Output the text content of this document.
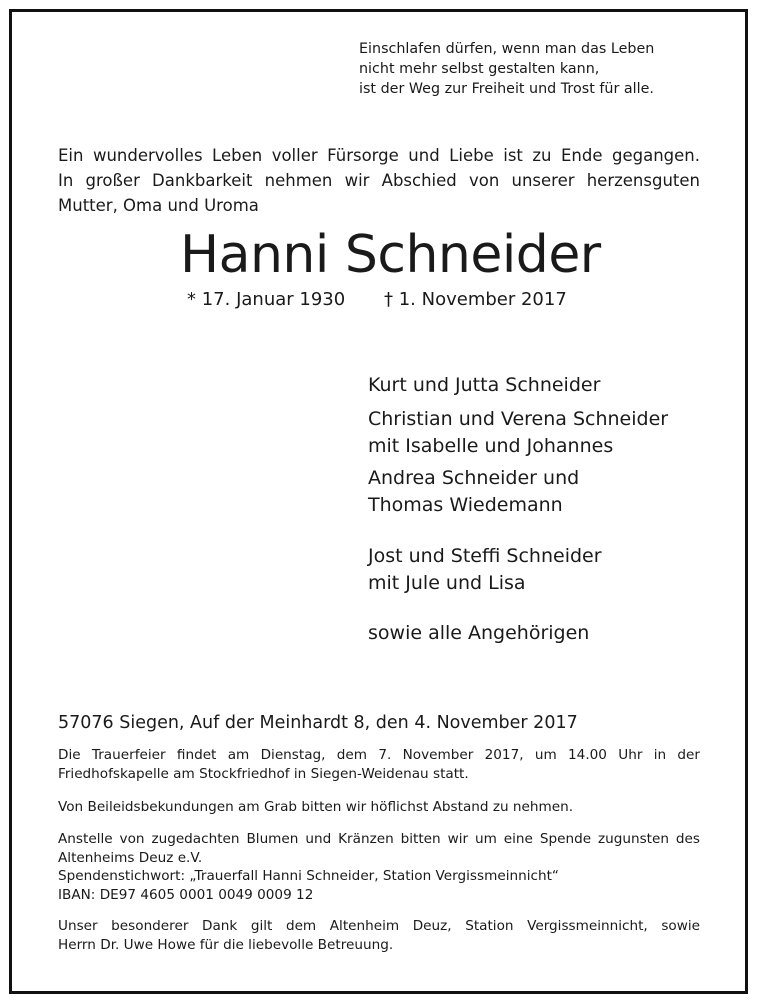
Einschlafen dürfen, wenn man das Leben
nicht mehr selbst gestalten kann,
ist der Weg zur Freiheit und Trost für alle.
Ein wundervolles Leben voller Fürsorge und Liebe ist zu Ende gegangen.
In großer Dankbarkeit nehmen wir Abschied von unserer herzensguten
Mutter, Oma und Uroma
Hanni Schneider
* 17. Januar 1930 † 1. November 2017
Kurt und Jutta Schneider
Christian und Verena Schneider
mit Isabelle und Johannes
Andrea Schneider und
Thomas Wiedemann
Jost und Steffi Schneider
mit Jule und Lisa
sowie alle Angehörigen
57076 Siegen, Auf der Meinhardt 8, den 4. November 2017
Die Trauerfeier findet am Dienstag, dem 7. November 2017, um 14.00 Uhr in der
Friedhofskapelle am Stockfriedhof in Siegen-Weidenau statt.
Von Beileidsbekundungen am Grab bitten wir höflichst Abstand zu nehmen.
Anstelle von zugedachten Blumen und Kränzen bitten wir um eine Spende zugunsten des
Altenheims Deuz e.V.
Spendenstichwort: „Trauerfall Hanni Schneider, Station Vergissmeinnicht“
IBAN: DE97 4605 0001 0049 0009 12
Unser besonderer Dank gilt dem Altenheim Deuz, Station Vergissmeinnicht, sowie
Herrn Dr. Uwe Howe für die liebevolle Betreuung.
